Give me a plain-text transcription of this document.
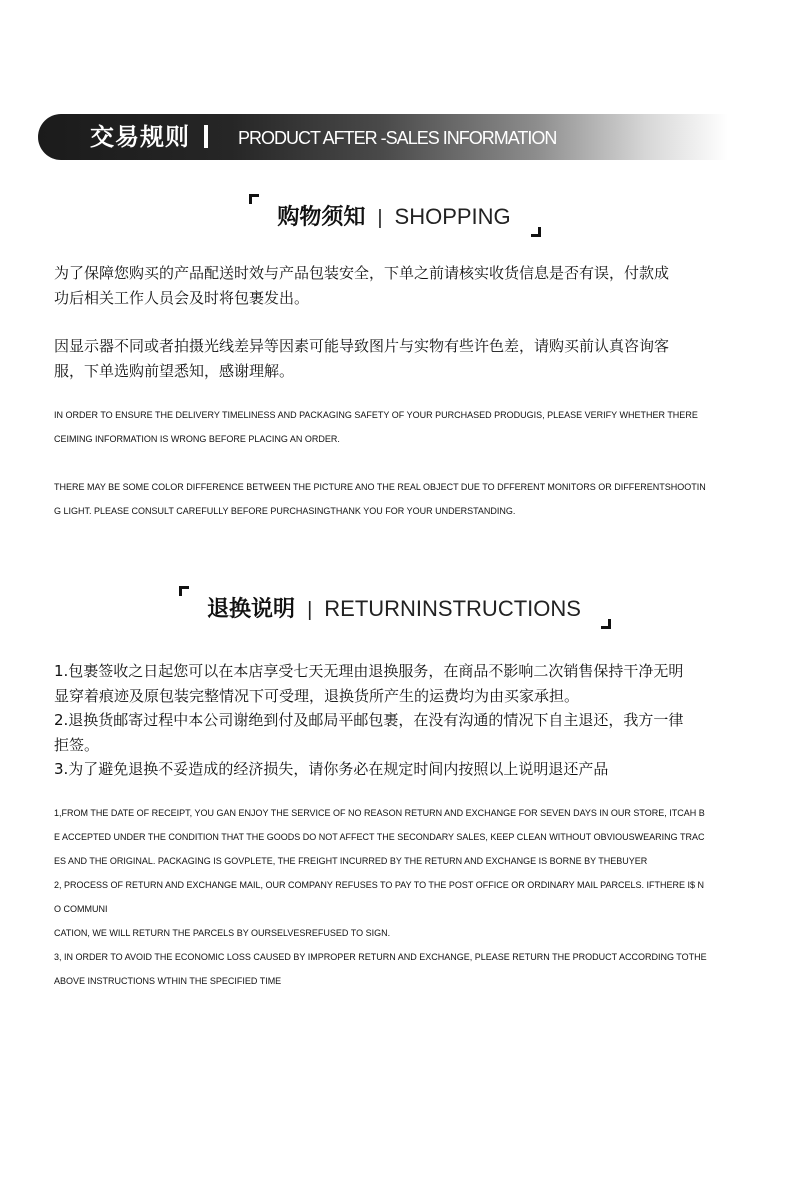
交易规则	PRODUCT AFTER -SALES INFORMATION
购物须知 | SHOPPING
为了保障您购买的产品配送时效与产品包装安全，下单之前请核实收货信息是否有误，付款成
功后相关工作人员会及时将包裹发出。
因显示器不同或者拍摄光线差异等因素可能导致图片与实物有些许色差，请购买前认真咨询客
服，下单选购前望悉知，感谢理解。
IN ORDER TO ENSURE THE DELIVERY TIMELINESS AND PACKAGING SAFETY OF YOUR PURCHASED PRODUGIS, PLEASE VERIFY WHETHER THERE
CEIMING INFORMATION IS WRONG BEFORE PLACING AN ORDER.
THERE MAY BE SOME COLOR DIFFERENCE BETWEEN THE PICTURE ANO THE REAL OBJECT DUE TO DFFERENT MONITORS OR DIFFERENTSHOOTIN
G LIGHT. PLEASE CONSULT CAREFULLY BEFORE PURCHASINGTHANK YOU FOR YOUR UNDERSTANDING.
退换说明 | RETURNINSTRUCTIONS
1.包裹签收之日起您可以在本店享受七天无理由退换服务，在商品不影响二次销售保持干净无明
显穿着痕迹及原包装完整情况下可受理，退换货所产生的运费均为由买家承担。
2.退换货邮寄过程中本公司谢绝到付及邮局平邮包裹，在没有沟通的情况下自主退还，我方一律
拒签。
3.为了避免退换不妥造成的经济损失，请你务必在规定时间内按照以上说明退还产品
1,FROM THE DATE OF RECEIPT, YOU GAN ENJOY THE SERVICE OF NO REASON RETURN AND EXCHANGE FOR SEVEN DAYS IN OUR STORE, ITCAH B
E ACCEPTED UNDER THE CONDITION THAT THE GOODS DO NOT AFFECT THE SECONDARY SALES, KEEP CLEAN WITHOUT OBVIOUSWEARING TRAC
ES AND THE ORIGINAL. PACKAGING IS GOVPLETE, THE FREIGHT INCURRED BY THE RETURN AND EXCHANGE IS BORNE BY THEBUYER
2, PROCESS OF RETURN AND EXCHANGE MAIL, OUR COMPANY REFUSES TO PAY TO THE POST OFFICE OR ORDINARY MAIL PARCELS. IFTHERE I$ N
O COMMUNI
CATION, WE WILL RETURN THE PARCELS BY OURSELVESREFUSED TO SIGN.
3, IN ORDER TO AVOID THE ECONOMIC LOSS CAUSED BY IMPROPER RETURN AND EXCHANGE, PLEASE RETURN THE PRODUCT ACCORDING TOTHE
ABOVE INSTRUCTIONS WTHIN THE SPECIFIED TIME
